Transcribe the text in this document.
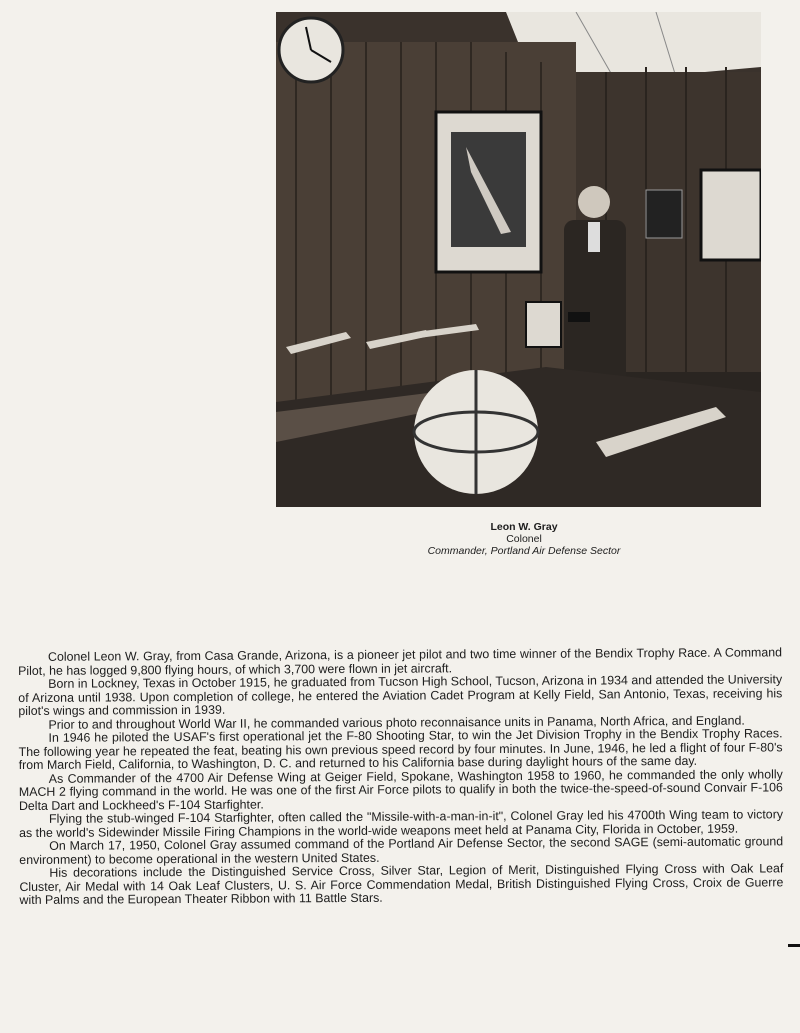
Leon W. Gray
Colonel
Commander, Portland Air Defense Sector

Colonel Leon W. Gray, from Casa Grande, Arizona, is a pioneer jet pilot and two time winner of the Bendix Trophy Race. A Command Pilot, he has logged 9,800 flying hours, of which 3,700 were flown in jet aircraft.

Born in Lockney, Texas in October 1915, he graduated from Tucson High School, Tucson, Arizona in 1934 and attended the University of Arizona until 1938. Upon completion of college, he entered the Aviation Cadet Program at Kelly Field, San Antonio, Texas, receiving his pilot's wings and commission in 1939.

Prior to and throughout World War II, he commanded various photo reconnaisance units in Panama, North Africa, and England.

In 1946 he piloted the USAF's first operational jet the F-80 Shooting Star, to win the Jet Division Trophy in the Bendix Trophy Races. The following year he repeated the feat, beating his own previous speed record by four minutes. In June, 1946, he led a flight of four F-80's from March Field, California, to Washington, D. C. and returned to his California base during daylight hours of the same day.

As Commander of the 4700 Air Defense Wing at Geiger Field, Spokane, Washington 1958 to 1960, he commanded the only wholly MACH 2 flying command in the world. He was one of the first Air Force pilots to qualify in both the twice-the-speed-of-sound Convair F-106 Delta Dart and Lockheed's F-104 Starfighter.

Flying the stub-winged F-104 Starfighter, often called the "Missile-with-a-man-in-it", Colonel Gray led his 4700th Wing team to victory as the world's Sidewinder Missile Firing Champions in the world-wide weapons meet held at Panama City, Florida in October, 1959.

On March 17, 1950, Colonel Gray assumed command of the Portland Air Defense Sector, the second SAGE (semi-automatic ground environment) to become operational in the western United States.

His decorations include the Distinguished Service Cross, Silver Star, Legion of Merit, Distinguished Flying Cross with Oak Leaf Cluster, Air Medal with 14 Oak Leaf Clusters, U. S. Air Force Commendation Medal, British Distinguished Flying Cross, Croix de Guerre with Palms and the European Theater Ribbon with 11 Battle Stars.
